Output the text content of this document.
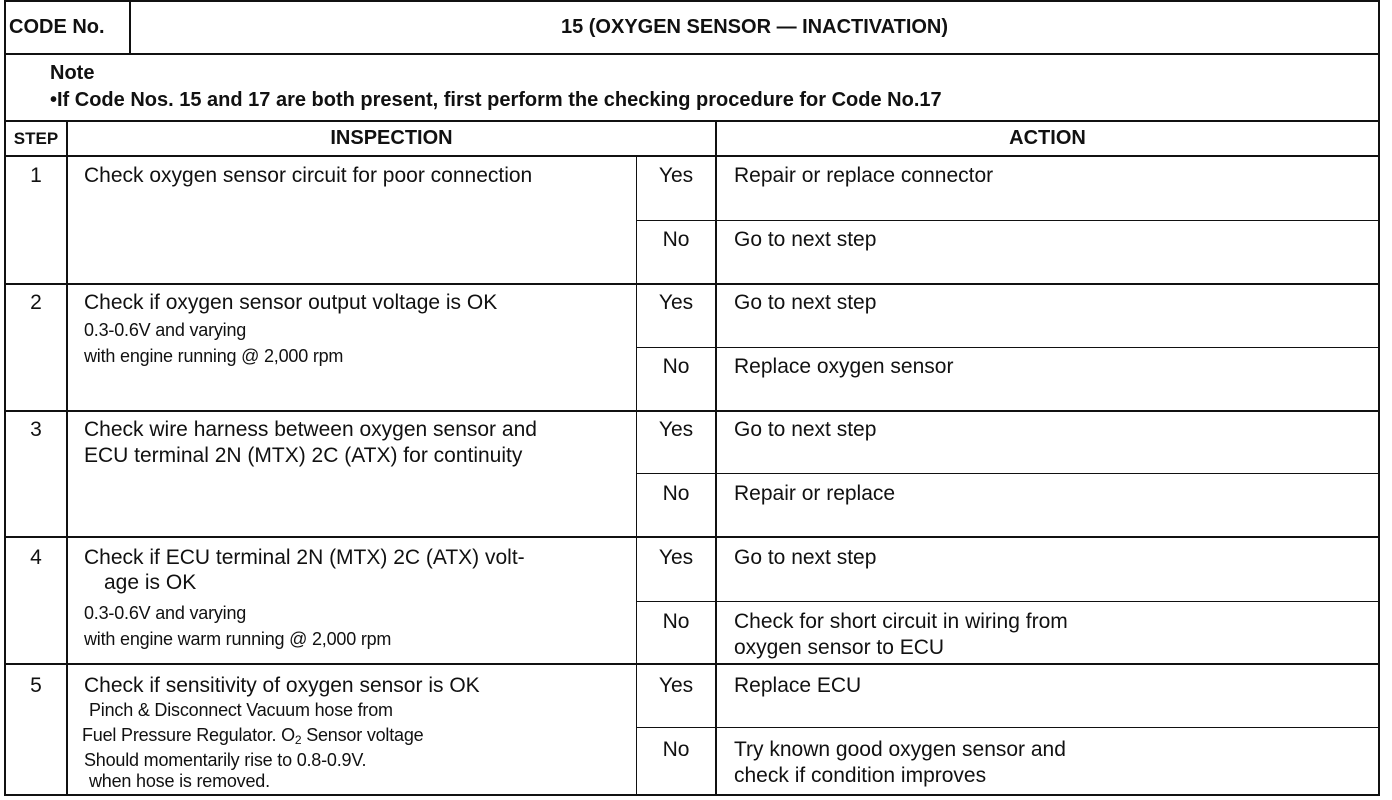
CODE No.	15 (OXYGEN SENSOR — INACTIVATION)
Note
•If Code Nos. 15 and 17 are both present, first perform the checking procedure for Code No.17
STEP	INSPECTION	ACTION
1	Check oxygen sensor circuit for poor connection	Yes	Repair or replace connector
No	Go to next step
2	Check if oxygen sensor output voltage is OK
0.3-0.6V and varying
with engine running @ 2,000 rpm
Yes	Go to next step
No	Replace oxygen sensor
3	Check wire harness between oxygen sensor and
ECU terminal 2N (MTX) 2C (ATX) for continuity
Yes	Go to next step
No	Repair or replace
4	Check if ECU terminal 2N (MTX) 2C (ATX) volt-
age is OK
0.3-0.6V and varying
with engine warm running @ 2,000 rpm
Yes	Go to next step
No	Check for short circuit in wiring from
oxygen sensor to ECU
5	Check if sensitivity of oxygen sensor is OK
Pinch & Disconnect Vacuum hose from
Fuel Pressure Regulator. $O_2$ Sensor voltage
Should momentarily rise to 0.8-0.9V.
when hose is removed.
Yes	Replace ECU
No	Try known good oxygen sensor and
check if condition improves
